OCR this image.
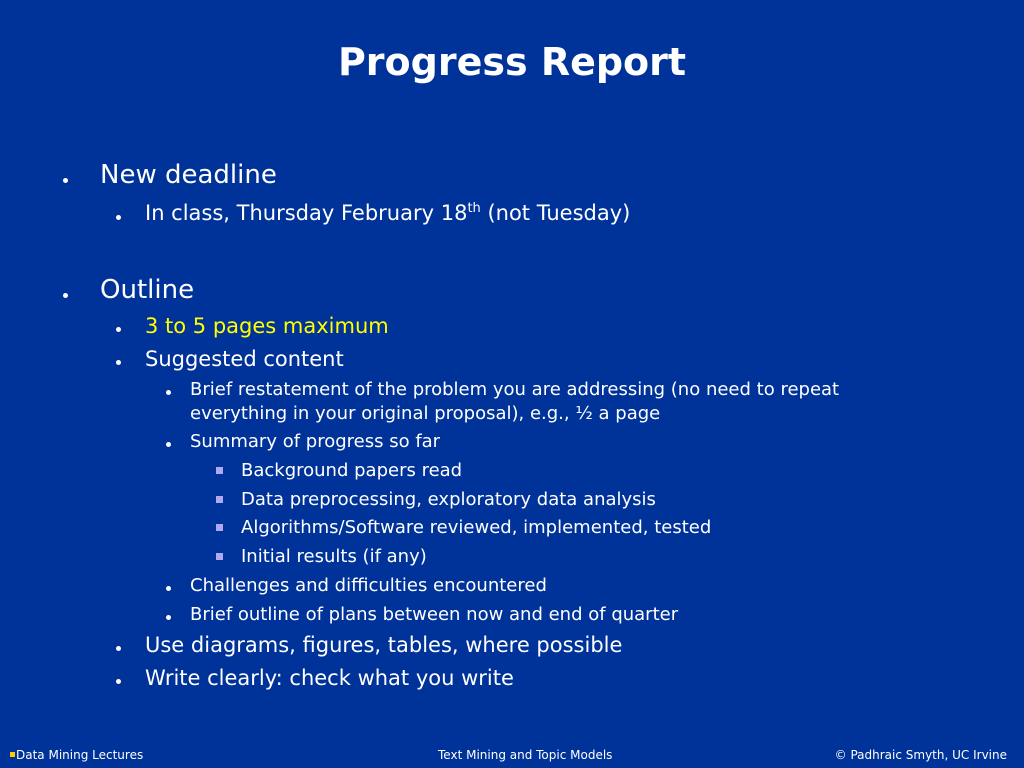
Progress Report
New deadline
In class, Thursday February 18th (not Tuesday)
Outline
3 to 5 pages maximum
Suggested content
Brief restatement of the problem you are addressing (no need to repeat
everything in your original proposal), e.g., ½ a page
Summary of progress so far
Background papers read
Data preprocessing, exploratory data analysis
Algorithms/Software reviewed, implemented, tested
Initial results (if any)
Challenges and difficulties encountered
Brief outline of plans between now and end of quarter
Use diagrams, figures, tables, where possible
Write clearly: check what you write
Data Mining Lectures	Text Mining and Topic Models	© Padhraic Smyth, UC Irvine
